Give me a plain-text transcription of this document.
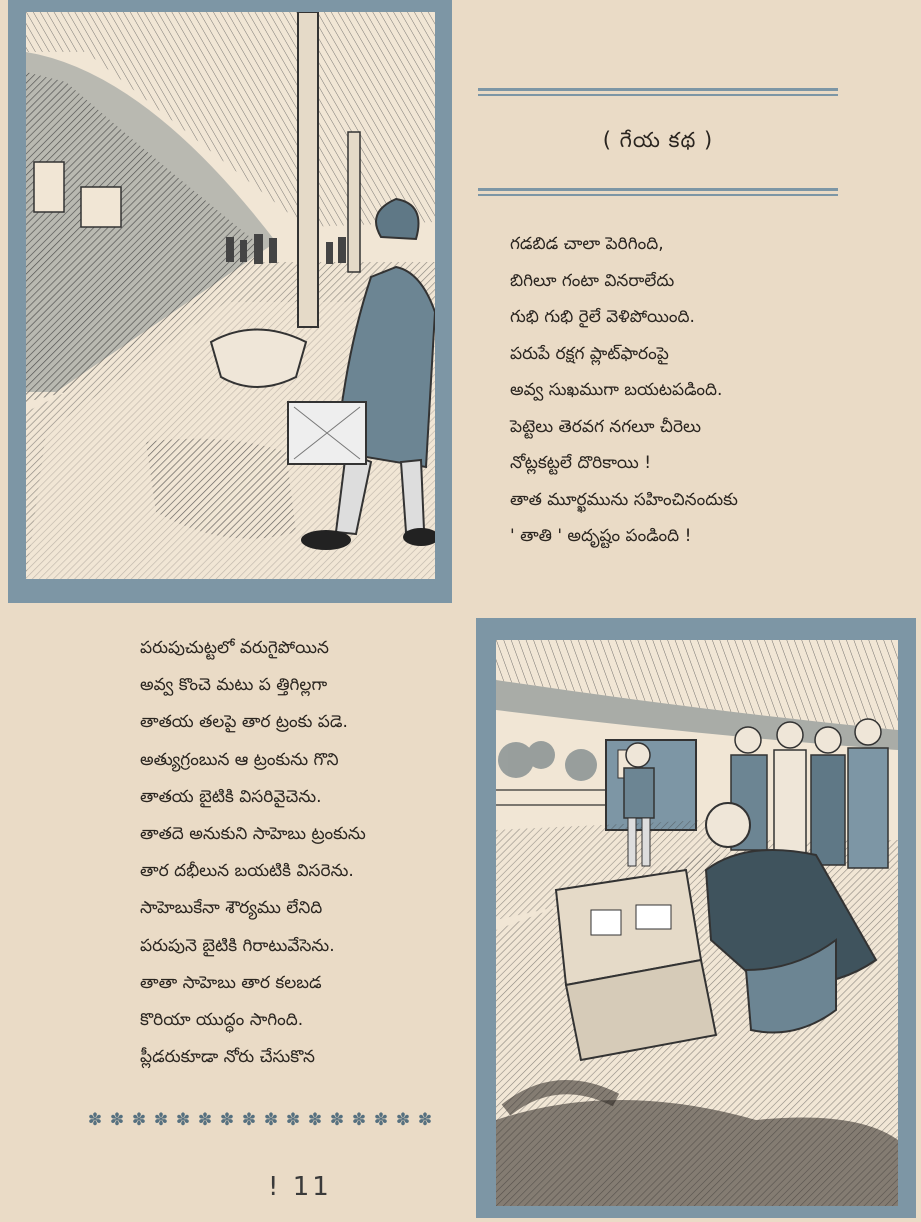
( గేయ కథ )
గడబిడ చాలా పెరిగింది,
బిగిలూ గంటా వినరాలేదు
గుభి గుభి రైలే వెళిపోయింది.
పరుపే రక్షగ ప్లాట్‌ఫారంపై
అవ్వ సుఖముగా బయటపడింది.
పెట్టెలు తెరవగ నగలూ చీరెలు
నోట్లకట్టలే దొరికాయి !
తాత మూర్ఖమును సహించినందుకు
' తాతి ' అదృష్టం పండింది !
పరుపుచుట్టలో వరుగైపోయిన
అవ్వ కొంచె మటు ప త్తిగిల్లగా
తాతయ తలపై తార ట్రంకు పడె.
అత్యుగ్రంబున ఆ ట్రంకును గొని
తాతయ బైటికి విసరివైచెను.
తాతదె అనుకుని సాహెబు ట్రంకును
తార దభీలున బయటికి విసరెను.
సాహెబుకేనా శౌర్యము లేనిది
పరుపునె బైటికి గిరాటువేసెను.
తాతా సాహెబు తార కలబడ
కొరియా యుద్ధం సాగింది.
ప్లీడరుకూడా నోరు చేసుకొన
✽ ✽ ✽ ✽ ✽ ✽ ✽ ✽ ✽ ✽ ✽ ✽ ✽ ✽ ✽ ✽
! 11
